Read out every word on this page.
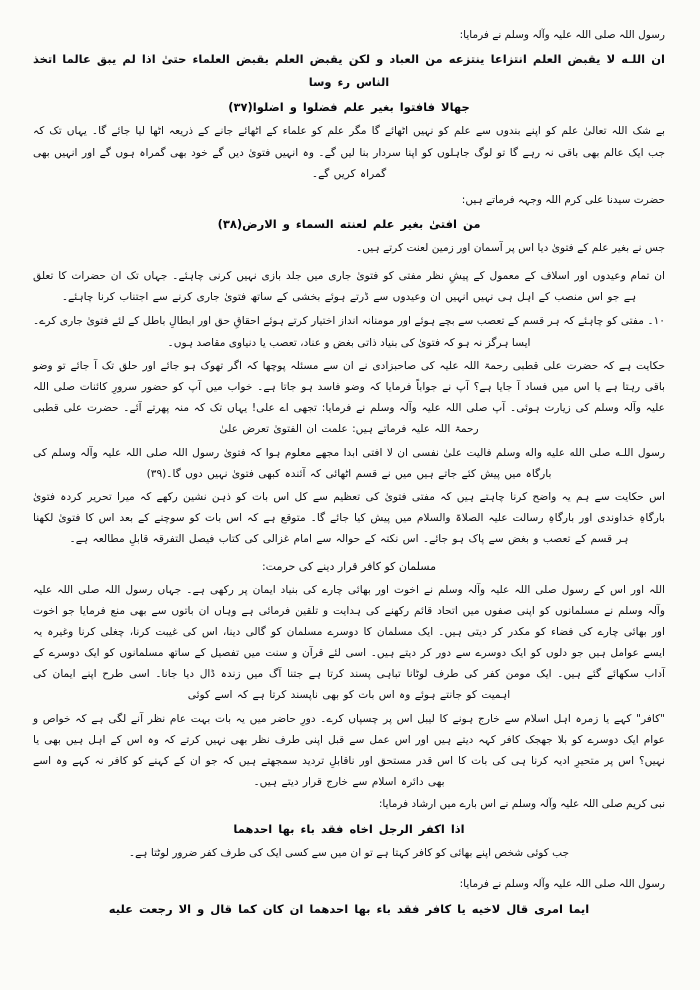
رسول اللہ صلی اللہ علیہ وآلہ وسلم نے فرمایا:

ان اللـه لا يقبض العلم انتزاعا ينتزعه من العباد و لكن يقبض العلم بقبض العلماء حتىٰ اذا لم يبق عالما اتخذ الناس رء وسا

جهالا فافتوا بغير علم فضلوا و اضلوا(٣٧)

بے شک اللہ تعالیٰ علم کو اپنے بندوں سے علم کو نہیں اٹھائے گا مگر علم کو علماء کے اٹھائے جانے کے ذریعہ اٹھا لیا جائے گا۔ یہاں تک کہ جب ایک عالم بھی باقی نہ رہے گا تو لوگ جاہلوں کو اپنا سردار بنا لیں گے۔ وہ انہیں فتویٰ دیں گے خود بھی گمراہ ہوں گے اور انہیں بھی گمراہ کریں گے۔

حضرت سیدنا علی کرم اللہ وجہہ فرماتے ہیں:

من افتىٰ بغير علم لعنته السماء و الارض(٣٨)

جس نے بغیر علم کے فتویٰ دیا اس پر آسمان اور زمین لعنت کرتے ہیں۔

ان تمام وعیدوں اور اسلاف کے معمول کے پیشِ نظر مفتی کو فتویٰ جاری میں جلد بازی نہیں کرنی چاہئے۔ جہاں تک ان حضرات کا تعلق ہے جو اس منصب کے اہل ہی نہیں انہیں ان وعیدوں سے ڈرتے ہوئے بخشی کے ساتھ فتویٰ جاری کرنے سے اجتناب کرنا چاہئے۔

١٠۔ مفتی کو چاہئے کہ ہر قسم کے تعصب سے بچے ہوئے اور مومنانہ انداز اختیار کرتے ہوئے احقاقِ حق اور ابطالِ باطل کے لئے فتویٰ جاری کرے۔ ایسا ہرگز نہ ہو کہ فتویٰ کی بنیاد ذاتی بغض و عناد، تعصب یا دنیاوی مقاصد ہوں۔

حکایت ہے کہ حضرت علی قطبی رحمۃ اللہ علیہ کی صاحبزادی نے ان سے مسئلہ پوچھا کہ اگر تھوک ہو جائے اور حلق تک آ جائے تو وضو باقی رہتا ہے یا اس میں فساد آ جایا ہے؟ آپ نے جواباً فرمایا کہ وضو فاسد ہو جاتا ہے۔ خواب میں آپ کو حضور سرورِ کائنات صلی اللہ علیہ وآلہ وسلم کی زیارت ہوئی۔ آپ صلی اللہ علیہ وآلہ وسلم نے فرمایا: تجھی اے علی! یہاں تک کہ منہ پھرتے آئے۔ حضرت علی قطبی رحمۃ اللہ علیہ فرماتے ہیں: علمت ان الفتوىٰ تعرض علىٰ

رسول اللـه صلى الله عليه واله وسلم فالیت علىٰ نفسى ان لا افتى ابدا مجھے معلوم ہوا کہ فتویٰ رسول اللہ صلی اللہ علیہ وآلہ وسلم کی بارگاہ میں پیش کئے جاتے ہیں میں نے قسم اٹھائی کہ آئندہ کبھی فتویٰ نہیں دوں گا۔(٣٩)

اس حکایت سے ہم یہ واضح کرنا چاہتے ہیں کہ مفتی فتویٰ کی تعظیم سے کل اس بات کو ذہن نشین رکھے کہ میرا تحریر کردہ فتویٰ بارگاہِ خداوندی اور بارگاہِ رسالت علیہ الصلاۃ والسلام میں پیش کیا جائے گا۔ متوقع ہے کہ اس بات کو سوچنے کے بعد اس کا فتویٰ لکھنا ہر قسم کے تعصب و بغض سے پاک ہو جائے۔ اس نکتہ کے حوالہ سے امام غزالی کی کتاب فیصل التفرقہ قابلِ مطالعہ ہے۔

مسلمان کو کافر قرار دینے کی حرمت:

اللہ اور اس کے رسول صلی اللہ علیہ وآلہ وسلم نے اخوت اور بھائی چارے کی بنیاد ایمان پر رکھی ہے۔ جہاں رسول اللہ صلی اللہ علیہ وآلہ وسلم نے مسلمانوں کو اپنی صفوں میں اتحاد قائم رکھنے کی ہدایت و تلقین فرمائی ہے وہاں ان باتوں سے بھی منع فرمایا جو اخوت اور بھائی چارے کی فضاء کو مکدر کر دیتی ہیں۔ ایک مسلمان کا دوسرے مسلمان کو گالی دینا، اس کی غیبت کرنا، چغلی کرنا وغیرہ یہ ایسے عوامل ہیں جو دلوں کو ایک دوسرے سے دور کر دیتے ہیں۔ اسی لئے قرآن و سنت میں تفصیل کے ساتھ مسلمانوں کو ایک دوسرے کے آداب سکھائے گئے ہیں۔ ایک مومن کفر کی طرف لوٹانا تباہی پسند کرتا ہے جتنا آگ میں زندہ ڈال دیا جانا۔ اسی طرح اپنے ایمان کی اہمیت کو جانتے ہوئے وہ اس بات کو بھی ناپسند کرتا ہے کہ اسے کوئی

"کافر" کہے یا زمرہ اہل اسلام سے خارج ہونے کا لیبل اس پر چسپاں کرے۔ دورِ حاضر میں یہ بات بہت عام نظر آنے لگی ہے کہ خواص و عوام ایک دوسرے کو بلا جھجک کافر کہہ دیتے ہیں اور اس عمل سے قبل اپنی طرف نظر بھی نہیں کرتے کہ وہ اس کے اہل ہیں بھی یا نہیں؟ اس پر متحیرِ ادیہ کرنا ہی کی بات کا اس قدر مستحق اور ناقابلِ تردید سمجھتے ہیں کہ جو ان کے کہنے کو کافر نہ کہے وہ اسے بھی دائرہ اسلام سے خارج قرار دیتے ہیں۔

نبی کریم صلی اللہ علیہ وآلہ وسلم نے اس بارے میں ارشاد فرمایا:

اذا اكفر الرجل اخاه فقد باء بها احدهما

جب کوئی شخص اپنے بھائی کو کافر کہتا ہے تو ان میں سے کسی ایک کی طرف کفر ضرور لوٹتا ہے۔

رسول اللہ صلی اللہ علیہ وآلہ وسلم نے فرمایا:

ايما امرى قال لاخيه يا كافر فقد باء بها احدهما ان كان كما قال و الا رجعت عليه
